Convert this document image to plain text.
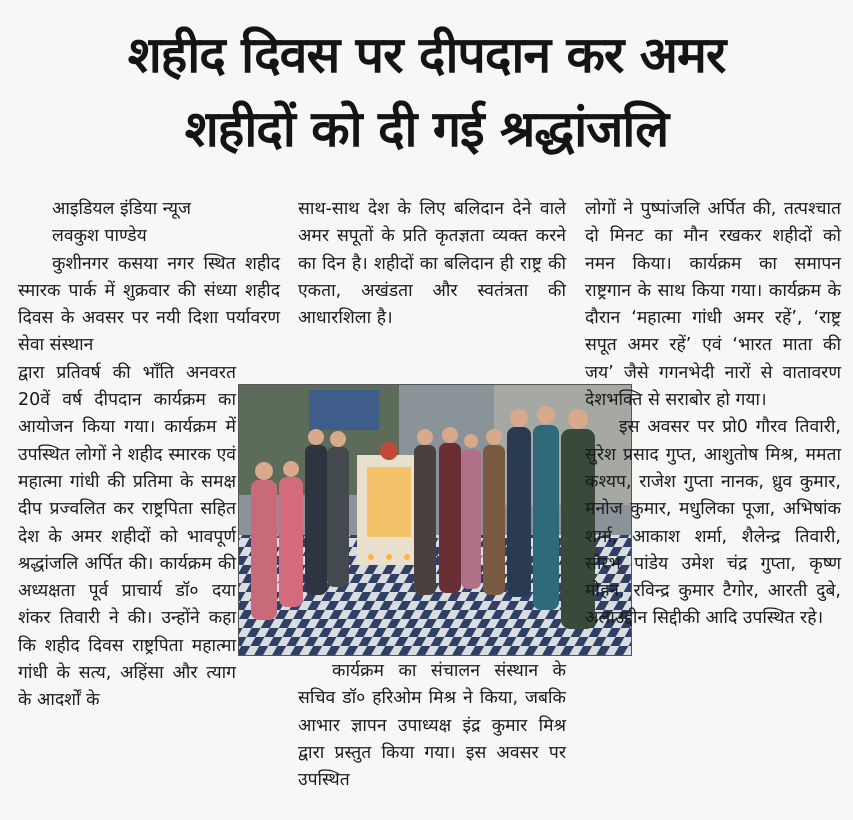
शहीद दिवस पर दीपदान कर अमर
शहीदों को दी गई श्रद्धांजलि

आइडियल इंडिया न्यूज

लवकुश पाण्डेय

कुशीनगर कसया नगर स्थित शहीद स्मारक पार्क में शुक्रवार की संध्या शहीद दिवस के अवसर पर नयी दिशा पर्यावरण सेवा संस्थान

द्वारा प्रतिवर्ष की भाँति अनवरत 20वें वर्ष दीपदान कार्यक्रम का आयोजन किया गया। कार्यक्रम में उपस्थित लोगों ने शहीद स्मारक एवं महात्मा गांधी की प्रतिमा के समक्ष दीप प्रज्वलित कर राष्ट्रपिता सहित देश के अमर शहीदों को भावपूर्ण श्रद्धांजलि अर्पित की। कार्यक्रम की अध्यक्षता पूर्व प्राचार्य डॉ० दया शंकर तिवारी ने की। उन्होंने कहा कि शहीद दिवस राष्ट्रपिता महात्मा गांधी के सत्य, अहिंसा और त्याग के आदर्शों के

साथ-साथ देश के लिए बलिदान देने वाले अमर सपूतों के प्रति कृतज्ञता व्यक्त करने का दिन है। शहीदों का बलिदान ही राष्ट्र की एकता, अखंडता और स्वतंत्रता की आधारशिला है।

कार्यक्रम का संचालन संस्थान के सचिव डॉ० हरिओम मिश्र ने किया, जबकि आभार ज्ञापन उपाध्यक्ष इंद्र कुमार मिश्र द्वारा प्रस्तुत किया गया। इस अवसर पर उपस्थित

लोगों ने पुष्पांजलि अर्पित की, तत्पश्चात दो मिनट का मौन रखकर शहीदों को नमन किया। कार्यक्रम का समापन राष्ट्रगान के साथ किया गया। कार्यक्रम के दौरान ‘महात्मा गांधी अमर रहें’, ‘राष्ट्र सपूत अमर रहें’ एवं ‘भारत माता की जय’ जैसे गगनभेदी नारों से वातावरण देशभक्ति से सराबोर हो गया।

इस अवसर पर प्रो0 गौरव तिवारी, सुरेश प्रसाद गुप्त, आशुतोष मिश्र, ममता कश्यप, राजेश गुप्ता नानक, ध्रुव कुमार, मनोज कुमार, मधुलिका पूजा, अभिषांक शर्मा, आकाश शर्मा, शैलेन्द्र तिवारी, सौरभ पांडेय उमेश चंद्र गुप्ता, कृष्ण मोहन, रविन्द्र कुमार टैगोर, आरती दुबे, अलाउद्दीन सिद्दीकी आदि उपस्थित रहे।
